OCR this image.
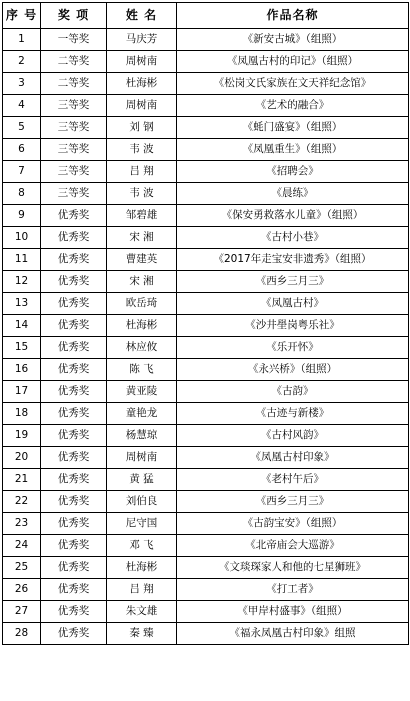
序 号	奖 项	姓 名	作品名称
1	一等奖	马庆芳	《新安古城》（组照）
2	二等奖	周树南	《凤凰古村的印记》（组照）
3	二等奖	杜海彬	《松岗文氏家族在文天祥纪念馆》
4	三等奖	周树南	《艺术的融合》
5	三等奖	刘 钢	《蚝门盛宴》（组照）
6	三等奖	韦 波	《凤凰重生》（组照）
7	三等奖	吕 翔	《招聘会》
8	三等奖	韦 波	《晨练》
9	优秀奖	邹碧雄	《保安勇救落水儿童》（组照）
10	优秀奖	宋 湘	《古村小巷》
11	优秀奖	曹建英	《2017年走宝安非遗秀》（组照）
12	优秀奖	宋 湘	《西乡三月三》
13	优秀奖	欧岳琦	《凤凰古村》
14	优秀奖	杜海彬	《沙井壆岗粤乐社》
15	优秀奖	林应攸	《乐开怀》
16	优秀奖	陈 飞	《永兴桥》（组照）
17	优秀奖	黄亚陵	《古韵》
18	优秀奖	童艳龙	《古迹与新楼》
19	优秀奖	杨慧琼	《古村风韵》
20	优秀奖	周树南	《凤凰古村印象》
21	优秀奖	黄 猛	《老村午后》
22	优秀奖	刘伯良	《西乡三月三》
23	优秀奖	尼守国	《古韵宝安》（组照）
24	优秀奖	邓 飞	《北帝庙会大巡游》
25	优秀奖	杜海彬	《文琰琛家人和他的七星狮班》
26	优秀奖	吕 翔	《打工者》
27	优秀奖	朱文雄	《甲岸村盛事》（组照）
28	优秀奖	秦 臻	《福永凤凰古村印象》组照
